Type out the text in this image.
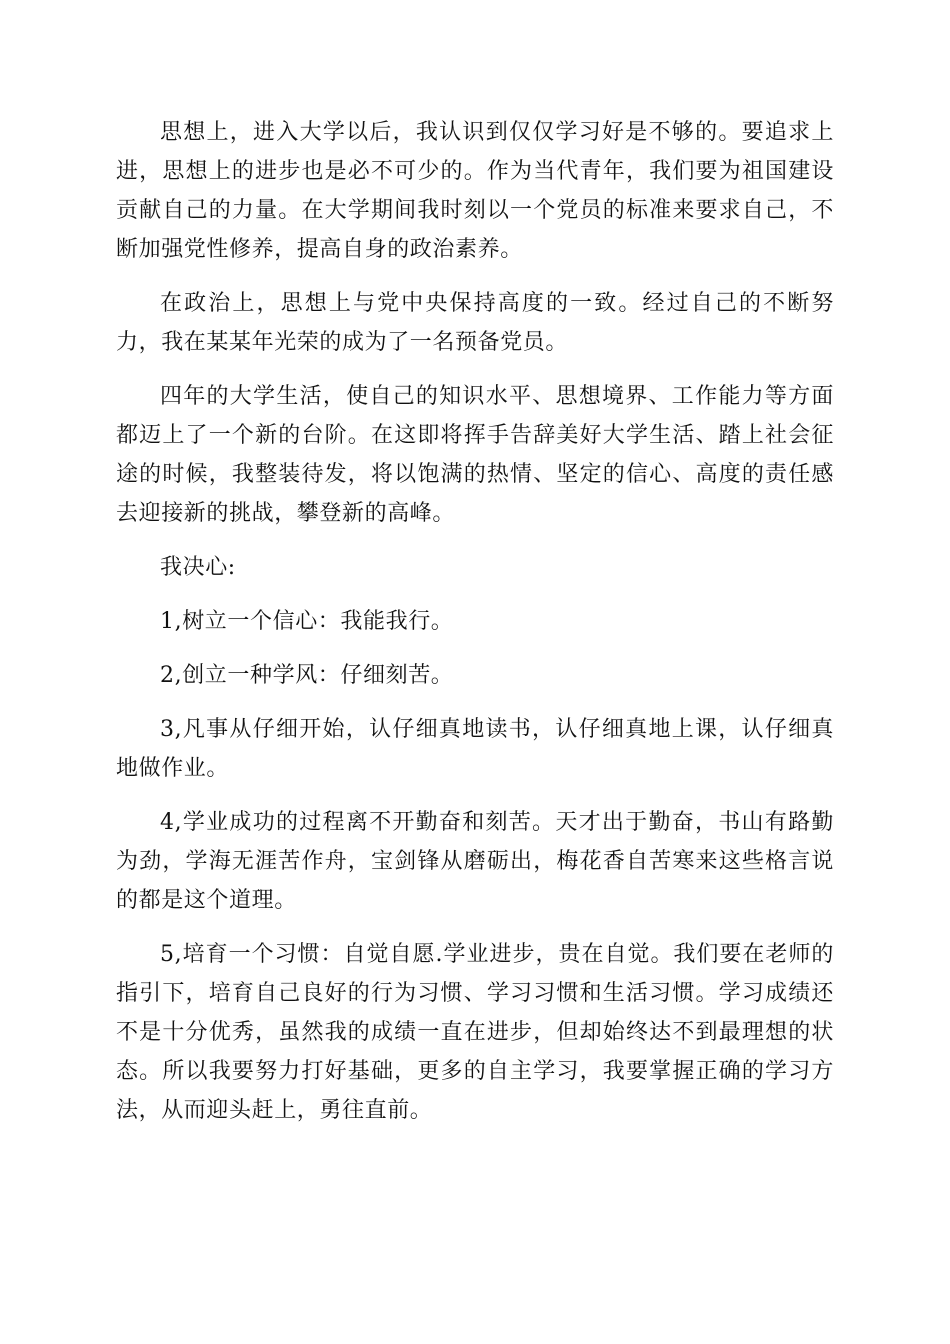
思想上，进入大学以后，我认识到仅仅学习好是不够的。要追求上进，思想上的进步也是必不可少的。作为当代青年，我们要为祖国建设贡献自己的力量。在大学期间我时刻以一个党员的标准来要求自己，不断加强党性修养，提高自身的政治素养。

在政治上，思想上与党中央保持高度的一致。经过自己的不断努力，我在某某年光荣的成为了一名预备党员。

四年的大学生活，使自己的知识水平、思想境界、工作能力等方面都迈上了一个新的台阶。在这即将挥手告辞美好大学生活、踏上社会征途的时候，我整装待发，将以饱满的热情、坚定的信心、高度的责任感去迎接新的挑战，攀登新的高峰。

我决心:

1,树立一个信心：我能我行。

2,创立一种学风：仔细刻苦。

3,凡事从仔细开始，认仔细真地读书，认仔细真地上课，认仔细真地做作业。

4,学业成功的过程离不开勤奋和刻苦。天才出于勤奋，书山有路勤为劲，学海无涯苦作舟，宝剑锋从磨砺出，梅花香自苦寒来这些格言说的都是这个道理。

5,培育一个习惯：自觉自愿.学业进步，贵在自觉。我们要在老师的指引下，培育自己良好的行为习惯、学习习惯和生活习惯。学习成绩还不是十分优秀，虽然我的成绩一直在进步，但却始终达不到最理想的状态。所以我要努力打好基础，更多的自主学习，我要掌握正确的学习方法，从而迎头赶上，勇往直前。
